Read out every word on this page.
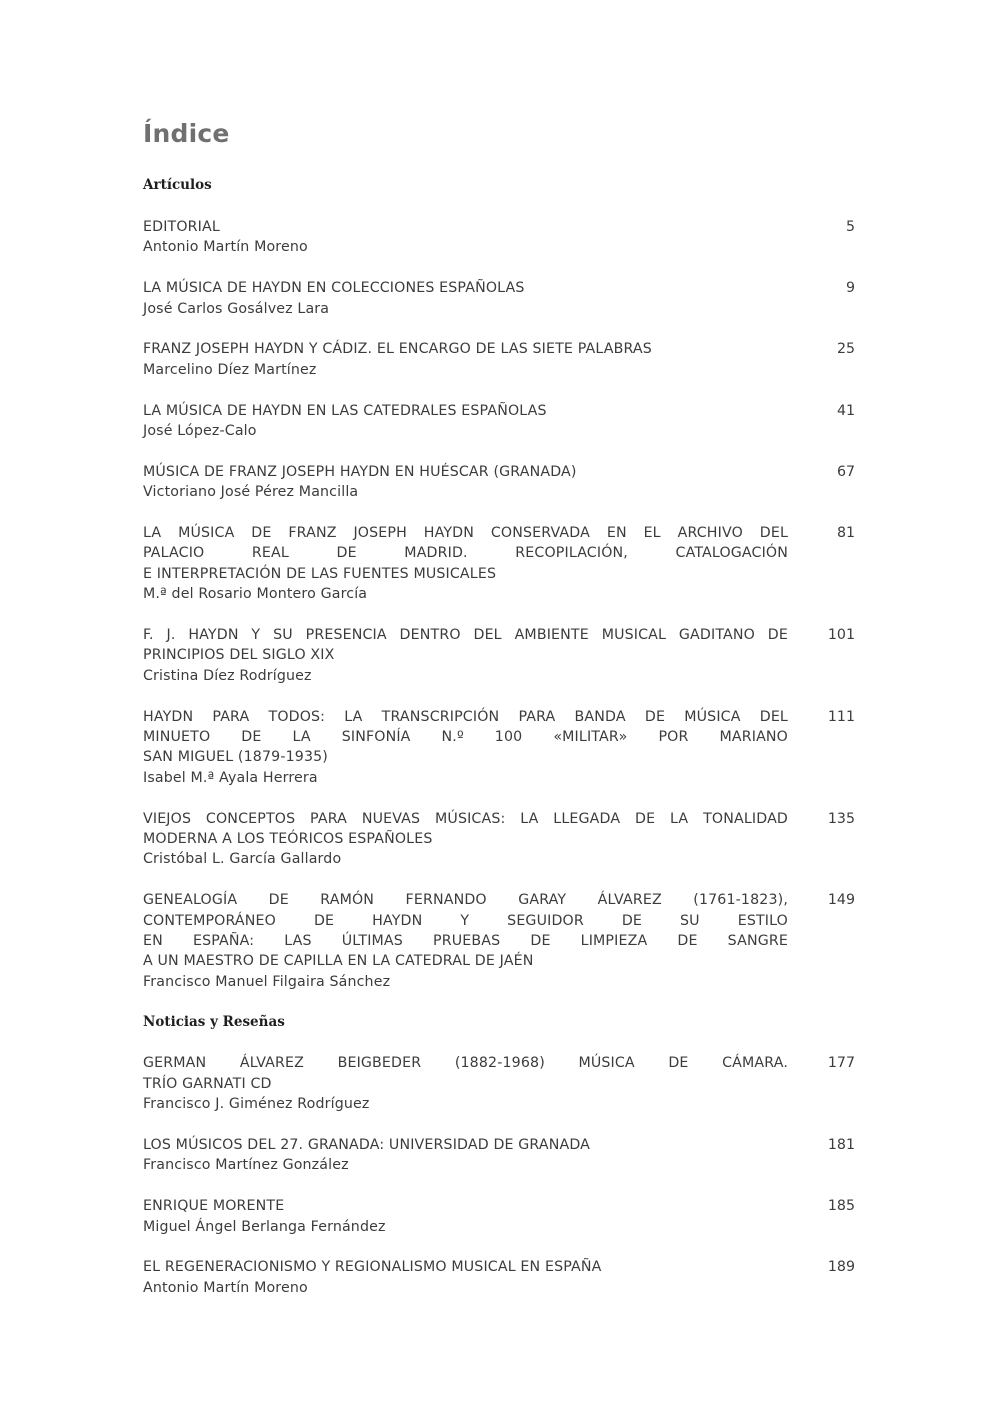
Índice
Artículos
EDITORIAL
Antonio Martín Moreno
5
LA MÚSICA DE HAYDN EN COLECCIONES ESPAÑOLAS
José Carlos Gosálvez Lara
9
FRANZ JOSEPH HAYDN Y CÁDIZ. EL ENCARGO DE LAS SIETE PALABRAS
Marcelino Díez Martínez
25
LA MÚSICA DE HAYDN EN LAS CATEDRALES ESPAÑOLAS
José López-Calo
41
MÚSICA DE FRANZ JOSEPH HAYDN EN HUÉSCAR (GRANADA)
Victoriano José Pérez Mancilla
67
LA MÚSICA DE FRANZ JOSEPH HAYDN CONSERVADA EN EL ARCHIVO DEL
PALACIO REAL DE MADRID. RECOPILACIÓN, CATALOGACIÓN
E INTERPRETACIÓN DE LAS FUENTES MUSICALES
M.ª del Rosario Montero García
81
F. J. HAYDN Y SU PRESENCIA DENTRO DEL AMBIENTE MUSICAL GADITANO DE
PRINCIPIOS DEL SIGLO XIX
Cristina Díez Rodríguez
101
HAYDN PARA TODOS: LA TRANSCRIPCIÓN PARA BANDA DE MÚSICA DEL
MINUETO DE LA SINFONÍA N.º 100 «MILITAR» POR MARIANO
SAN MIGUEL (1879-1935)
Isabel M.ª Ayala Herrera
111
VIEJOS CONCEPTOS PARA NUEVAS MÚSICAS: LA LLEGADA DE LA TONALIDAD
MODERNA A LOS TEÓRICOS ESPAÑOLES
Cristóbal L. García Gallardo
135
GENEALOGÍA DE RAMÓN FERNANDO GARAY ÁLVAREZ (1761-1823),
CONTEMPORÁNEO DE HAYDN Y SEGUIDOR DE SU ESTILO
EN ESPAÑA: LAS ÚLTIMAS PRUEBAS DE LIMPIEZA DE SANGRE
A UN MAESTRO DE CAPILLA EN LA CATEDRAL DE JAÉN
Francisco Manuel Filgaira Sánchez
149
Noticias y Reseñas
GERMAN ÁLVAREZ BEIGBEDER (1882-1968) MÚSICA DE CÁMARA.
TRÍO GARNATI CD
Francisco J. Giménez Rodríguez
177
LOS MÚSICOS DEL 27. GRANADA: UNIVERSIDAD DE GRANADA
Francisco Martínez González
181
ENRIQUE MORENTE
Miguel Ángel Berlanga Fernández
185
EL REGENERACIONISMO Y REGIONALISMO MUSICAL EN ESPAÑA
Antonio Martín Moreno
189
